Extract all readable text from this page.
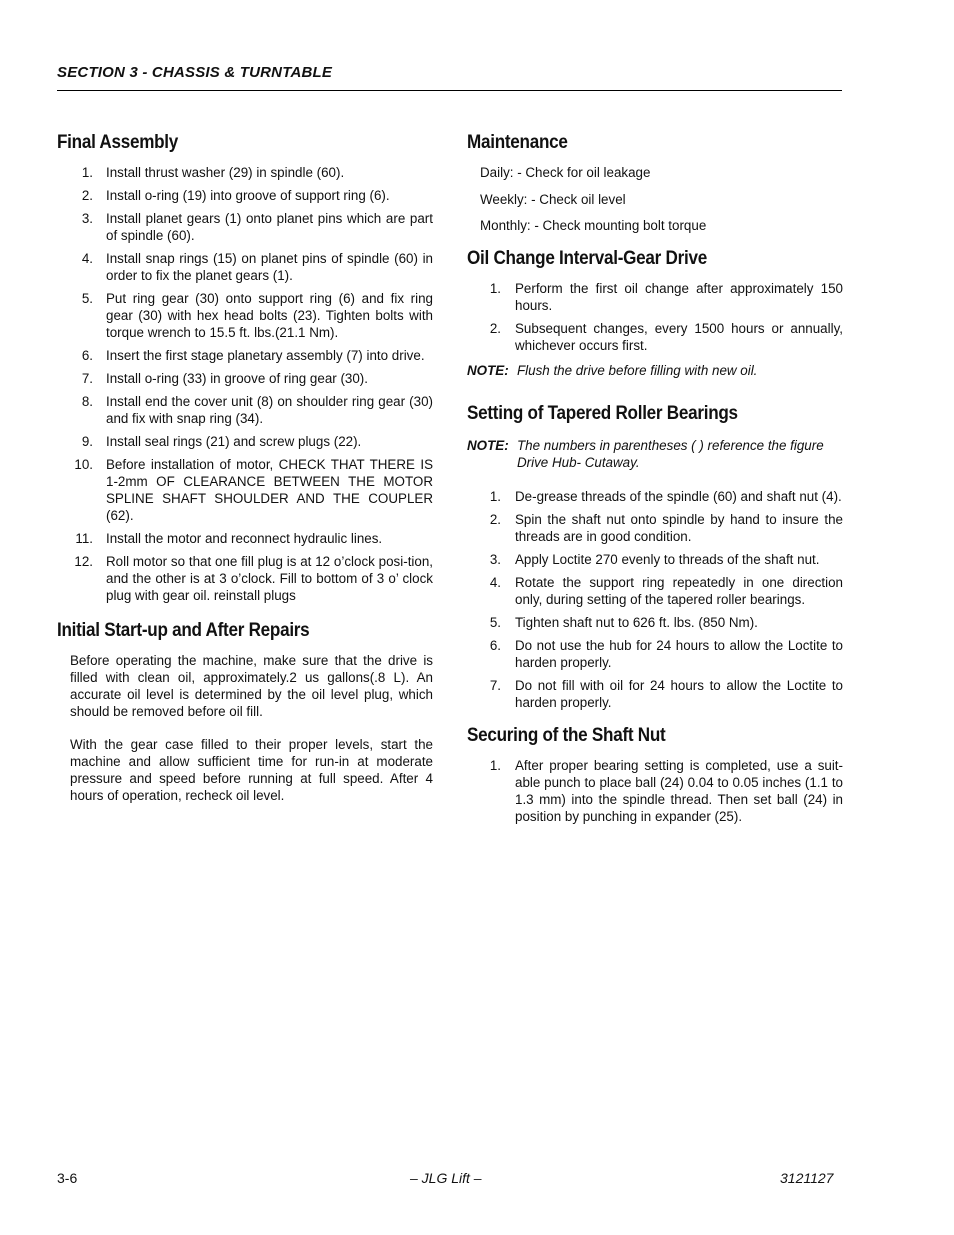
SECTION 3 - CHASSIS & TURNTABLE
Final Assembly
1. Install thrust washer (29) in spindle (60).
2. Install o-ring (19) into groove of support ring (6).
3. Install planet gears (1) onto planet pins which are part of spindle (60).
4. Install snap rings (15) on planet pins of spindle (60) in order to fix the planet gears (1).
5. Put ring gear (30) onto support ring (6) and fix ring gear (30) with hex head bolts (23). Tighten bolts with torque wrench to 15.5 ft. lbs.(21.1 Nm).
6. Insert the first stage planetary assembly (7) into drive.
7. Install o-ring (33) in groove of ring gear (30).
8. Install end the cover unit (8) on shoulder ring gear (30) and fix with snap ring (34).
9. Install seal rings (21) and screw plugs (22).
10. Before installation of motor, CHECK THAT THERE IS 1-2mm OF CLEARANCE BETWEEN THE MOTOR SPLINE SHAFT SHOULDER AND THE COUPLER (62).
11. Install the motor and reconnect hydraulic lines.
12. Roll motor so that one fill plug is at 12 o’clock posi-tion, and the other is at 3 o’clock. Fill to bottom of 3 o’ clock plug with gear oil. reinstall plugs
Initial Start-up and After Repairs

Before operating the machine, make sure that the drive is filled with clean oil, approximately.2 us gallons(.8 L). An accurate oil level is determined by the oil level plug, which should be removed before oil fill.

With the gear case filled to their proper levels, start the machine and allow sufficient time for run-in at moderate pressure and speed before running at full speed. After 4 hours of operation, recheck oil level.

Maintenance

Daily: - Check for oil leakage

Weekly: - Check oil level

Monthly: - Check mounting bolt torque

Oil Change Interval-Gear Drive
1. Perform the first oil change after approximately 150 hours.
2. Subsequent changes, every 1500 hours or annually, whichever occurs first.
NOTE: Flush the drive before filling with new oil.
Setting of Tapered Roller Bearings
NOTE: The numbers in parentheses ( ) reference the figure Drive Hub- Cutaway.
1. De-grease threads of the spindle (60) and shaft nut (4).
2. Spin the shaft nut onto spindle by hand to insure the threads are in good condition.
3. Apply Loctite 270 evenly to threads of the shaft nut.
4. Rotate the support ring repeatedly in one direction only, during setting of the tapered roller bearings.
5. Tighten shaft nut to 626 ft. lbs. (850 Nm).
6. Do not use the hub for 24 hours to allow the Loctite to harden properly.
7. Do not fill with oil for 24 hours to allow the Loctite to harden properly.
Securing of the Shaft Nut
1. After proper bearing setting is completed, use a suit-able punch to place ball (24) 0.04 to 0.05 inches (1.1 to 1.3 mm) into the spindle thread. Then set ball (24) in position by punching in expander (25).
3-6	– JLG Lift –	3121127
